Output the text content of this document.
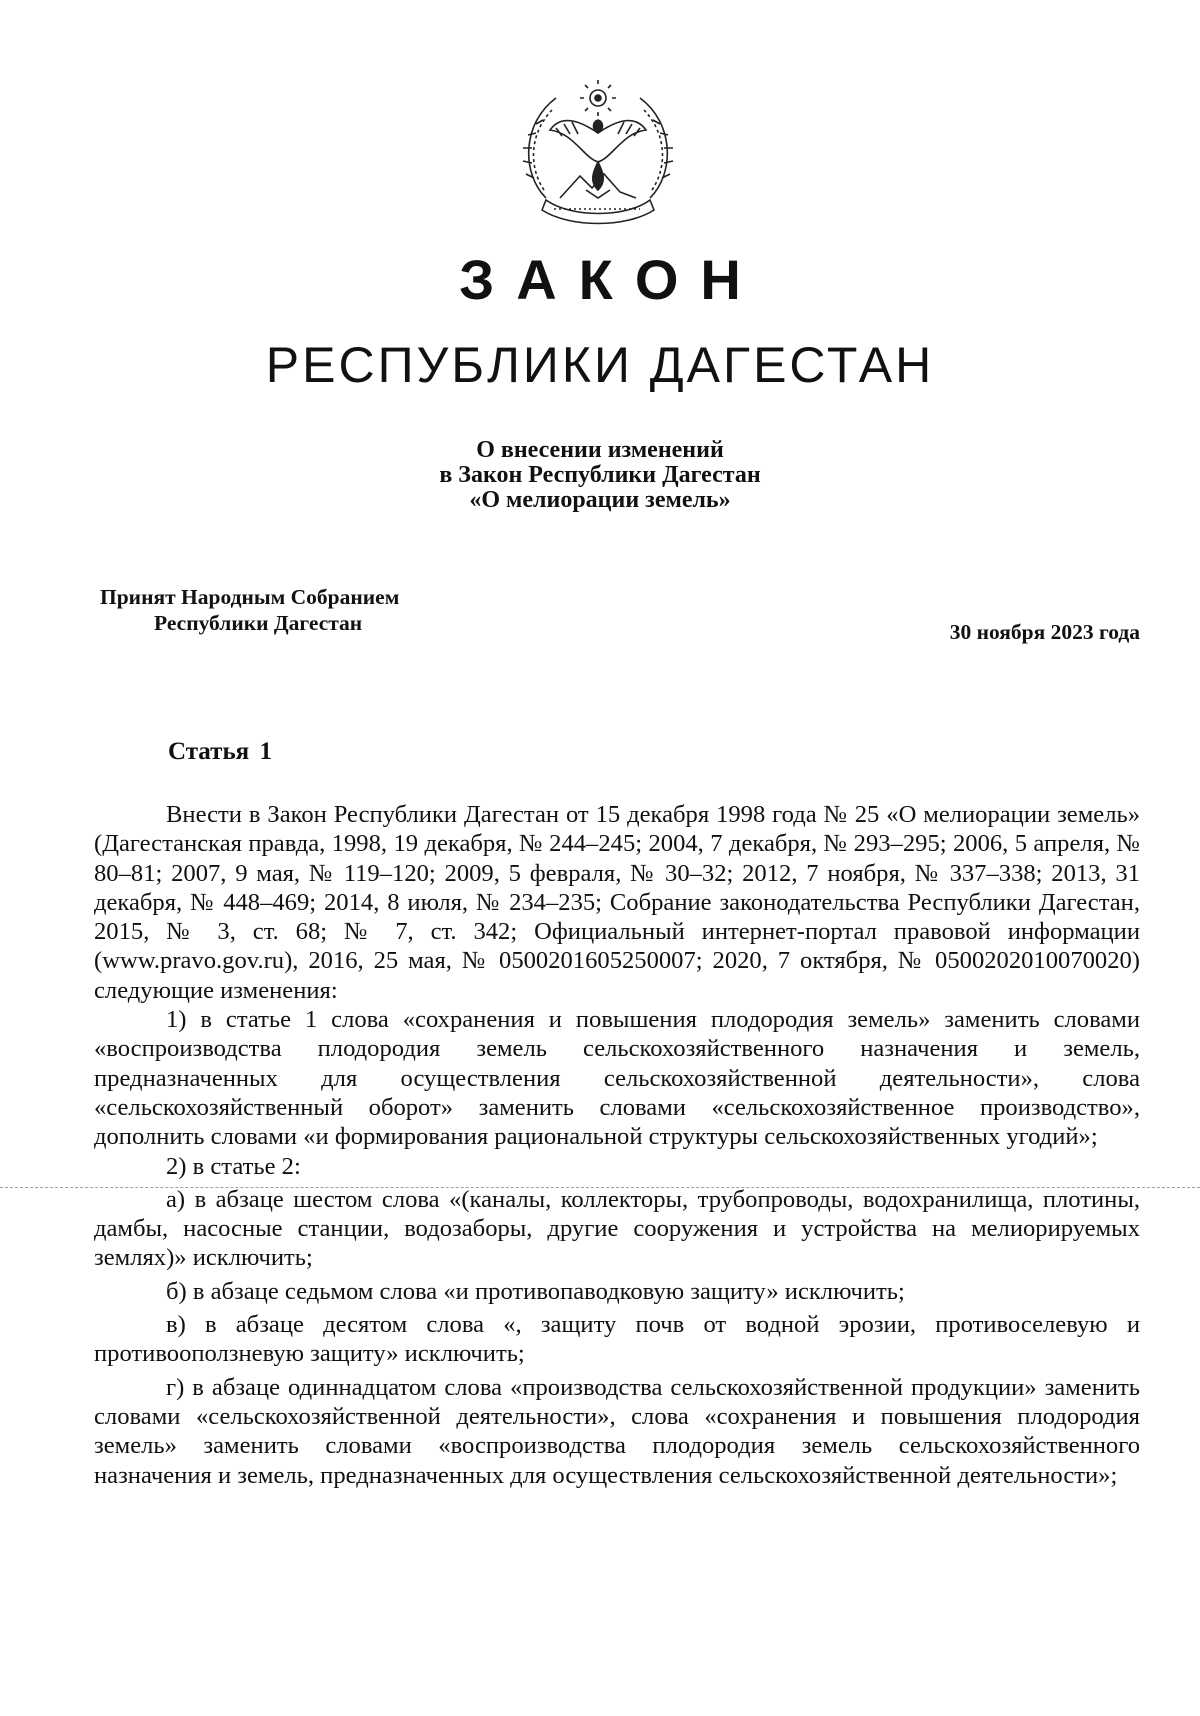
ЗАКОН
РЕСПУБЛИКИ ДАГЕСТАН
О внесении изменений
в Закон Республики Дагестан
«О мелиорации земель»
Принят Народным Собранием
Республики Дагестан	30 ноября 2023 года
Статья 1

Внести в Закон Республики Дагестан от 15 декабря 1998 года № 25 «О мелиорации земель» (Дагестанская правда, 1998, 19 декабря, № 244–245; 2004, 7 декабря, № 293–295; 2006, 5 апреля, № 80–81; 2007, 9 мая, № 119–120; 2009, 5 февраля, № 30–32; 2012, 7 ноября, № 337–338; 2013, 31 декабря, № 448–469; 2014, 8 июля, № 234–235; Собрание законодательства Республики Дагестан, 2015, № 3, ст. 68; № 7, ст. 342; Официальный интернет-портал правовой информации (www.pravo.gov.ru), 2016, 25 мая, № 0500201605250007; 2020, 7 октября, № 0500202010070020) следующие изменения:

1) в статье 1 слова «сохранения и повышения плодородия земель» заменить словами «воспроизводства плодородия земель сельскохозяйственного назначения и земель, предназначенных для осуществления сельскохозяйственной деятельности», слова «сельскохозяйственный оборот» заменить словами «сельскохозяйственное производство», дополнить словами «и формирования рациональной структуры сельскохозяйственных угодий»;

2) в статье 2:

а) в абзаце шестом слова «(каналы, коллекторы, трубопроводы, водохранилища, плотины, дамбы, насосные станции, водозаборы, другие сооружения и устройства на мелиорируемых землях)» исключить;

б) в абзаце седьмом слова «и противопаводковую защиту» исключить;

в) в абзаце десятом слова «, защиту почв от водной эрозии, противоселевую и противооползневую защиту» исключить;

г) в абзаце одиннадцатом слова «производства сельскохозяйственной продукции» заменить словами «сельскохозяйственной деятельности», слова «сохранения и повышения плодородия земель» заменить словами «воспроизводства плодородия земель сельскохозяйственного назначения и земель, предназначенных для осуществления сельскохозяйственной деятельности»;
